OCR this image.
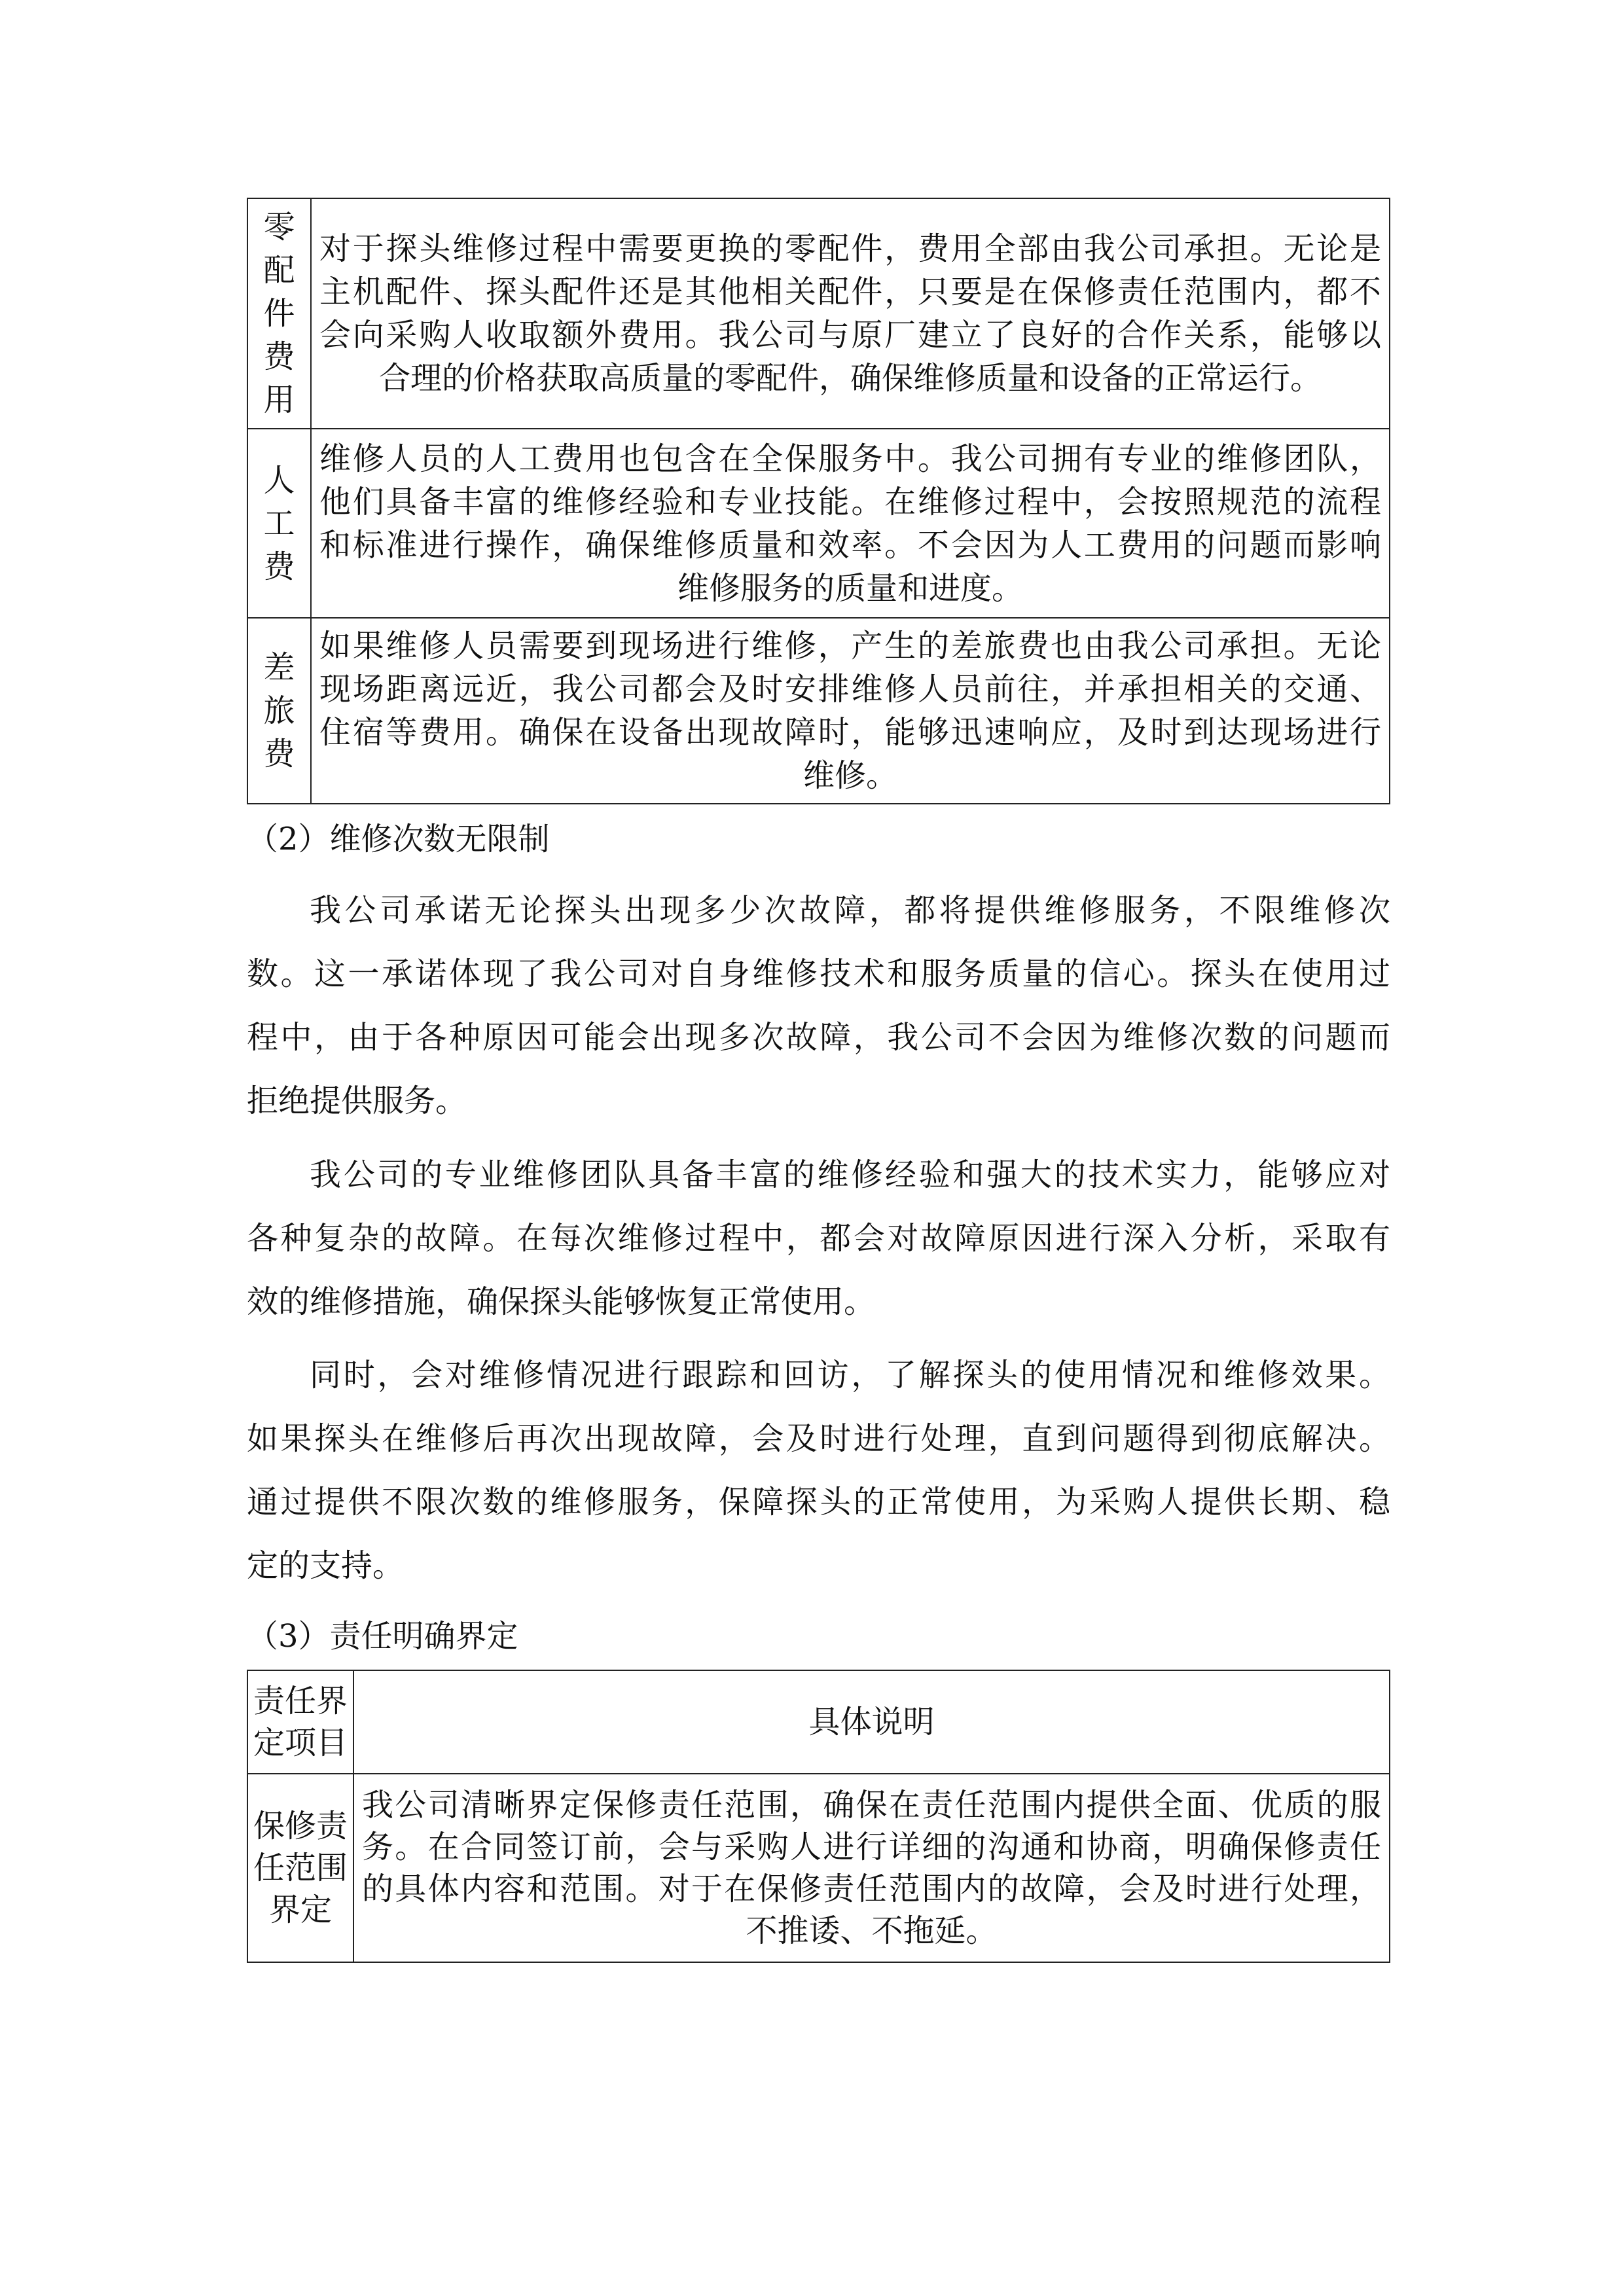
零
配
件
费
用
对于探头维修过程中需要更换的零配件，费用全部由我公司承担。无论是
主机配件、探头配件还是其他相关配件，只要是在保修责任范围内，都不
会向采购人收取额外费用。我公司与原厂建立了良好的合作关系，能够以
合理的价格获取高质量的零配件，确保维修质量和设备的正常运行。
人
工
费
维修人员的人工费用也包含在全保服务中。我公司拥有专业的维修团队，
他们具备丰富的维修经验和专业技能。在维修过程中，会按照规范的流程
和标准进行操作，确保维修质量和效率。不会因为人工费用的问题而影响
维修服务的质量和进度。
差
旅
费
如果维修人员需要到现场进行维修，产生的差旅费也由我公司承担。无论
现场距离远近，我公司都会及时安排维修人员前往，并承担相关的交通、
住宿等费用。确保在设备出现故障时，能够迅速响应，及时到达现场进行
维修。
（2）维修次数无限制
我公司承诺无论探头出现多少次故障，都将提供维修服务，不限维修次
数。这一承诺体现了我公司对自身维修技术和服务质量的信心。探头在使用过
程中，由于各种原因可能会出现多次故障，我公司不会因为维修次数的问题而
拒绝提供服务。
我公司的专业维修团队具备丰富的维修经验和强大的技术实力，能够应对
各种复杂的故障。在每次维修过程中，都会对故障原因进行深入分析，采取有
效的维修措施，确保探头能够恢复正常使用。
同时，会对维修情况进行跟踪和回访，了解探头的使用情况和维修效果。
如果探头在维修后再次出现故障，会及时进行处理，直到问题得到彻底解决。
通过提供不限次数的维修服务，保障探头的正常使用，为采购人提供长期、稳
定的支持。
（3）责任明确界定
责任界
定项目
具体说明
保修责
任范围
界定
我公司清晰界定保修责任范围，确保在责任范围内提供全面、优质的服
务。在合同签订前，会与采购人进行详细的沟通和协商，明确保修责任
的具体内容和范围。对于在保修责任范围内的故障，会及时进行处理，
不推诿、不拖延。
